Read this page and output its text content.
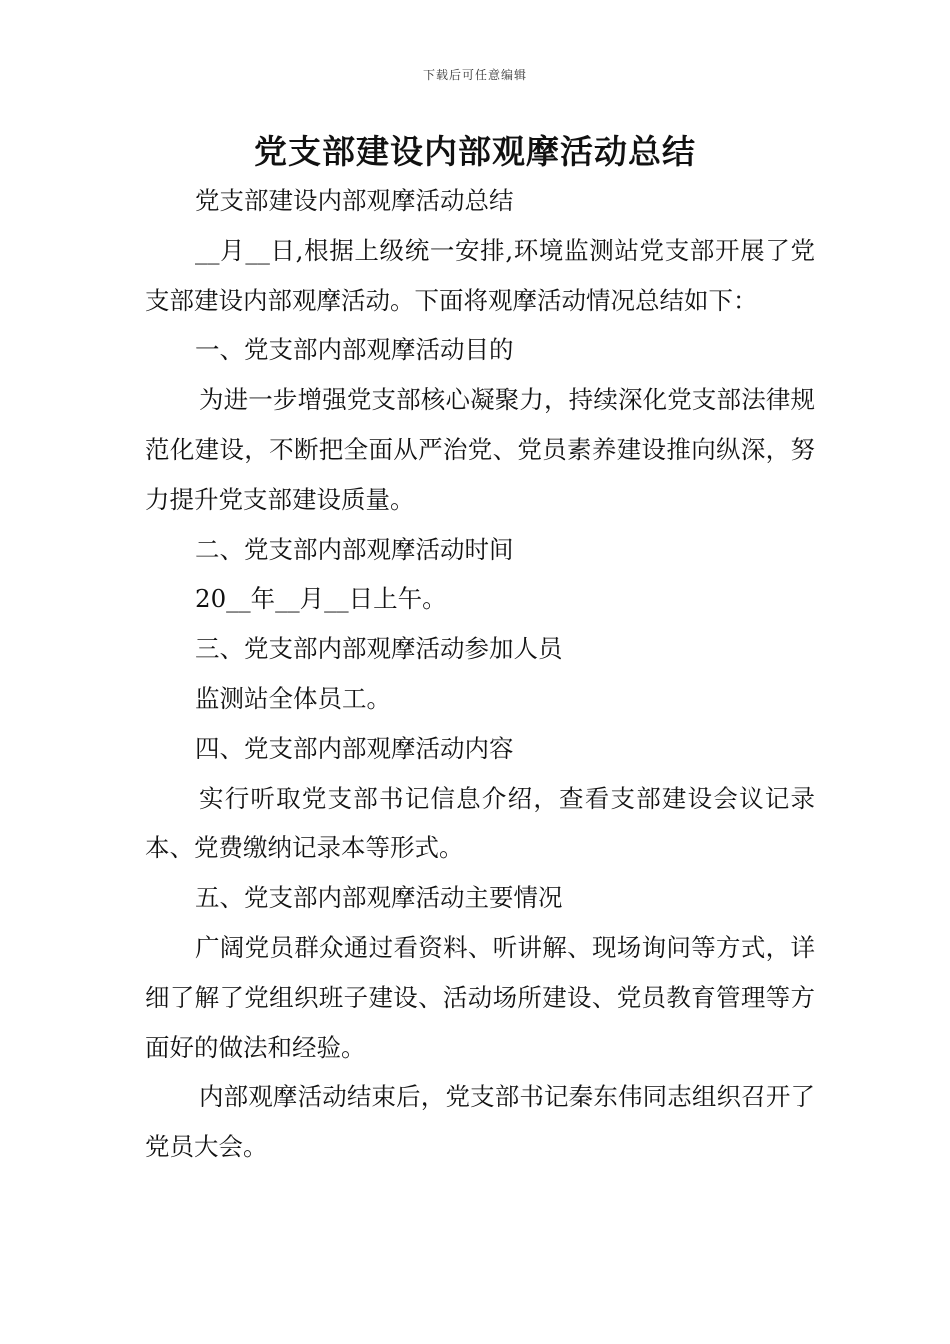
下载后可任意编辑
党支部建设内部观摩活动总结

党支部建设内部观摩活动总结

__月__日,根据上级统一安排,环境监测站党支部开展了党支部建设内部观摩活动。下面将观摩活动情况总结如下：

一、党支部内部观摩活动目的

为进一步增强党支部核心凝聚力，持续深化党支部法律规范化建设，不断把全面从严治党、党员素养建设推向纵深，努力提升党支部建设质量。

二、党支部内部观摩活动时间

20__年__月__日上午。

三、党支部内部观摩活动参加人员

监测站全体员工。

四、党支部内部观摩活动内容

实行听取党支部书记信息介绍，查看支部建设会议记录本、党费缴纳记录本等形式。

五、党支部内部观摩活动主要情况

广阔党员群众通过看资料、听讲解、现场询问等方式，详细了解了党组织班子建设、活动场所建设、党员教育管理等方面好的做法和经验。

内部观摩活动结束后，党支部书记秦东伟同志组织召开了党员大会。
